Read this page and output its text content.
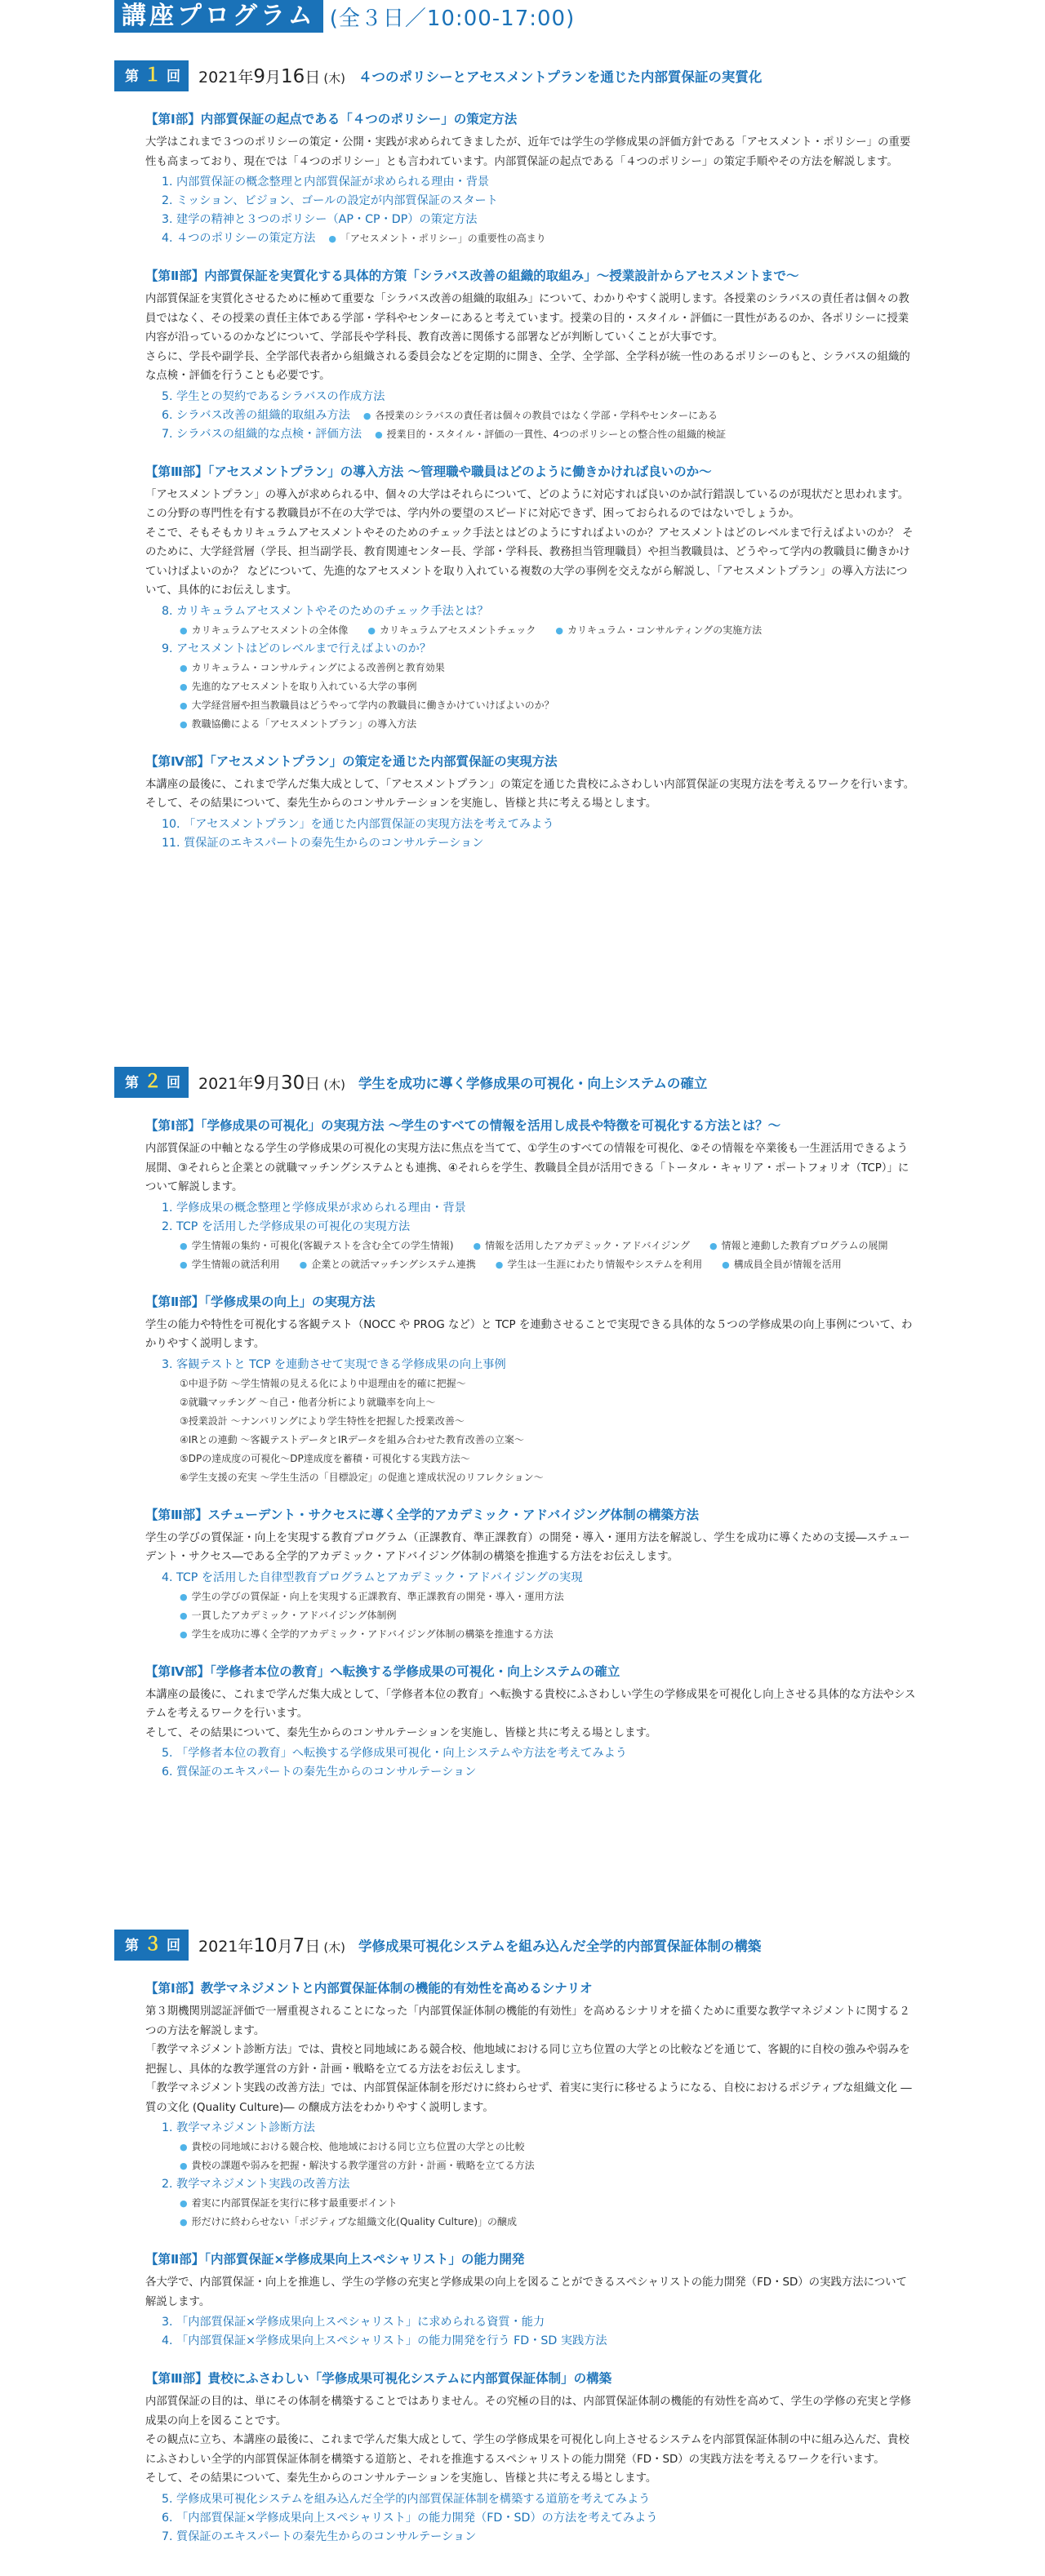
講座プログラム (全３日／10:00-17:00)
第 １ 回	2021年9月16日 (木) ４つのポリシーとアセスメントプランを通じた内部質保証の実質化
【第Ⅰ部】内部質保証の起点である「４つのポリシー」の策定方法
大学はこれまで３つのポリシーの策定・公開・実践が求められてきましたが、近年では学生の学修成果の評価方針である「アセスメント・ポリシー」の重要性も高まっており、現在では「４つのポリシー」とも言われています。内部質保証の起点である「４つのポリシー」の策定手順やその方法を解説します。
1. 内部質保証の概念整理と内部質保証が求められる理由・背景
2. ミッション、ビジョン、ゴールの設定が内部質保証のスタート
3. 建学の精神と３つのポリシー（AP・CP・DP）の策定方法
4. ４つのポリシーの策定方法 ● 「アセスメント・ポリシー」の重要性の高まり
【第Ⅱ部】内部質保証を実質化する具体的方策「シラバス改善の組織的取組み」～授業設計からアセスメントまで～
内部質保証を実質化させるために極めて重要な「シラバス改善の組織的取組み」について、わかりやすく説明します。各授業のシラバスの責任者は個々の教員ではなく、その授業の責任主体である学部・学科やセンターにあると考えています。授業の目的・スタイル・評価に一貫性があるのか、各ポリシーに授業内容が沿っているのかなどについて、学部長や学科長、教育改善に関係する部署などが判断していくことが大事です。
さらに、学長や副学長、全学部代表者から組織される委員会などを定期的に開き、全学、全学部、全学科が統一性のあるポリシーのもと、シラバスの組織的な点検・評価を行うことも必要です。
5. 学生との契約であるシラバスの作成方法
6. シラバス改善の組織的取組み方法 ● 各授業のシラバスの責任者は個々の教員ではなく学部・学科やセンターにある
7. シラバスの組織的な点検・評価方法 ● 授業目的・スタイル・評価の一貫性、4つのポリシーとの整合性の組織的検証
【第Ⅲ部】「アセスメントプラン」の導入方法 ～管理職や職員はどのように働きかければ良いのか～
「アセスメントプラン」の導入が求められる中、個々の大学はそれらについて、どのように対応すれば良いのか試行錯誤しているのが現状だと思われます。この分野の専門性を有する教職員が不在の大学では、学内外の要望のスピードに対応できず、困っておられるのではないでしょうか。
そこで、そもそもカリキュラムアセスメントやそのためのチェック手法とはどのようにすればよいのか？アセスメントはどのレベルまで行えばよいのか？ そのために、大学経営層（学長、担当副学長、教育関連センター長、学部・学科長、教務担当管理職員）や担当教職員は、どうやって学内の教職員に働きかけていけばよいのか？ などについて、先進的なアセスメントを取り入れている複数の大学の事例を交えながら解説し、「アセスメントプラン」の導入方法について、具体的にお伝えします。
8. カリキュラムアセスメントやそのためのチェック手法とは？
● カリキュラムアセスメントの全体像 ● カリキュラムアセスメントチェック ● カリキュラム・コンサルティングの実施方法
9. アセスメントはどのレベルまで行えばよいのか？
● カリキュラム・コンサルティングによる改善例と教育効果
● 先進的なアセスメントを取り入れている大学の事例
● 大学経営層や担当教職員はどうやって学内の教職員に働きかけていけばよいのか？
● 教職協働による「アセスメントプラン」の導入方法
【第Ⅳ部】「アセスメントプラン」の策定を通じた内部質保証の実現方法
本講座の最後に、これまで学んだ集大成として、「アセスメントプラン」の策定を通じた貴校にふさわしい内部質保証の実現方法を考えるワークを行います。そして、その結果について、秦先生からのコンサルテーションを実施し、皆様と共に考える場とします。
10. 「アセスメントプラン」を通じた内部質保証の実現方法を考えてみよう
11. 質保証のエキスパートの秦先生からのコンサルテーション
第 ２ 回	2021年9月30日 (木) 学生を成功に導く学修成果の可視化・向上システムの確立
【第Ⅰ部】「学修成果の可視化」の実現方法 ～学生のすべての情報を活用し成長や特徴を可視化する方法とは？～
内部質保証の中軸となる学生の学修成果の可視化の実現方法に焦点を当てて、①学生のすべての情報を可視化、②その情報を卒業後も一生涯活用できるよう展開、③それらと企業との就職マッチングシステムとも連携、④それらを学生、教職員全員が活用できる「トータル・キャリア・ポートフォリオ（TCP）」について解説します。
1. 学修成果の概念整理と学修成果が求められる理由・背景
2. TCP を活用した学修成果の可視化の実現方法
● 学生情報の集約・可視化(客観テストを含む全ての学生情報) ● 情報を活用したアカデミック・アドバイジング ● 情報と連動した教育プログラムの展開
● 学生情報の就活利用 ● 企業との就活マッチングシステム連携 ● 学生は一生涯にわたり情報やシステムを利用 ● 構成員全員が情報を活用
【第Ⅱ部】「学修成果の向上」の実現方法
学生の能力や特性を可視化する客観テスト（NOCC や PROG など）と TCP を連動させることで実現できる具体的な５つの学修成果の向上事例について、わかりやすく説明します。
3. 客観テストと TCP を連動させて実現できる学修成果の向上事例
①中退予防 ～学生情報の見える化により中退理由を的確に把握～
②就職マッチング ～自己・他者分析により就職率を向上～
③授業設計 ～ナンバリングにより学生特性を把握した授業改善～
④IRとの連動 ～客観テストデータとIRデータを組み合わせた教育改善の立案～
⑤DPの達成度の可視化～DP達成度を蓄積・可視化する実践方法～
⑥学生支援の充実 ～学生生活の「目標設定」の促進と達成状況のリフレクション～
【第Ⅲ部】スチューデント・サクセスに導く全学的アカデミック・アドバイジング体制の構築方法
学生の学びの質保証・向上を実現する教育プログラム（正課教育、準正課教育）の開発・導入・運用方法を解説し、学生を成功に導くための支援―スチューデント・サクセス―である全学的アカデミック・アドバイジング体制の構築を推進する方法をお伝えします。
4. TCP を活用した自律型教育プログラムとアカデミック・アドバイジングの実現
● 学生の学びの質保証・向上を実現する正課教育、準正課教育の開発・導入・運用方法
● 一貫したアカデミック・アドバイジング体制例
● 学生を成功に導く全学的アカデミック・アドバイジング体制の構築を推進する方法
【第Ⅳ部】「学修者本位の教育」へ転換する学修成果の可視化・向上システムの確立
本講座の最後に、これまで学んだ集大成として、「学修者本位の教育」へ転換する貴校にふさわしい学生の学修成果を可視化し向上させる具体的な方法やシステムを考えるワークを行います。
そして、その結果について、秦先生からのコンサルテーションを実施し、皆様と共に考える場とします。
5. 「学修者本位の教育」へ転換する学修成果可視化・向上システムや方法を考えてみよう
6. 質保証のエキスパートの秦先生からのコンサルテーション
第 ３ 回	2021年10月7日 (木) 学修成果可視化システムを組み込んだ全学的内部質保証体制の構築
【第Ⅰ部】教学マネジメントと内部質保証体制の機能的有効性を高めるシナリオ
第３期機関別認証評価で一層重視されることになった「内部質保証体制の機能的有効性」を高めるシナリオを描くために重要な教学マネジメントに関する２つの方法を解説します。
「教学マネジメント診断方法」では、貴校と同地域にある競合校、他地域における同じ立ち位置の大学との比較などを通じて、客観的に自校の強みや弱みを把握し、具体的な教学運営の方針・計画・戦略を立てる方法をお伝えします。
「教学マネジメント実践の改善方法」では、内部質保証体制を形だけに終わらせず、着実に実行に移せるようになる、自校におけるポジティブな組織文化 ―質の文化 (Quality Culture)― の醸成方法をわかりやすく説明します。
1. 教学マネジメント診断方法
● 貴校の同地域における競合校、他地域における同じ立ち位置の大学との比較
● 貴校の課題や弱みを把握・解決する教学運営の方針・計画・戦略を立てる方法
2. 教学マネジメント実践の改善方法
● 着実に内部質保証を実行に移す最重要ポイント
● 形だけに終わらせない「ポジティブな組織文化(Quality Culture)」の醸成
【第Ⅱ部】「内部質保証×学修成果向上スペシャリスト」の能力開発
各大学で、内部質保証・向上を推進し、学生の学修の充実と学修成果の向上を図ることができるスペシャリストの能力開発（FD・SD）の実践方法について解説します。
3. 「内部質保証×学修成果向上スペシャリスト」に求められる資質・能力
4. 「内部質保証×学修成果向上スペシャリスト」の能力開発を行う FD・SD 実践方法
【第Ⅲ部】貴校にふさわしい「学修成果可視化システムに内部質保証体制」の構築
内部質保証の目的は、単にその体制を構築することではありません。その究極の目的は、内部質保証体制の機能的有効性を高めて、学生の学修の充実と学修成果の向上を図ることです。
その観点に立ち、本講座の最後に、これまで学んだ集大成として、学生の学修成果を可視化し向上させるシステムを内部質保証体制の中に組み込んだ、貴校にふさわしい全学的内部質保証体制を構築する道筋と、それを推進するスペシャリストの能力開発（FD・SD）の実践方法を考えるワークを行います。
そして、その結果について、秦先生からのコンサルテーションを実施し、皆様と共に考える場とします。
5. 学修成果可視化システムを組み込んだ全学的内部質保証体制を構築する道筋を考えてみよう
6. 「内部質保証×学修成果向上スペシャリスト」の能力開発（FD・SD）の方法を考えてみよう
7. 質保証のエキスパートの秦先生からのコンサルテーション
